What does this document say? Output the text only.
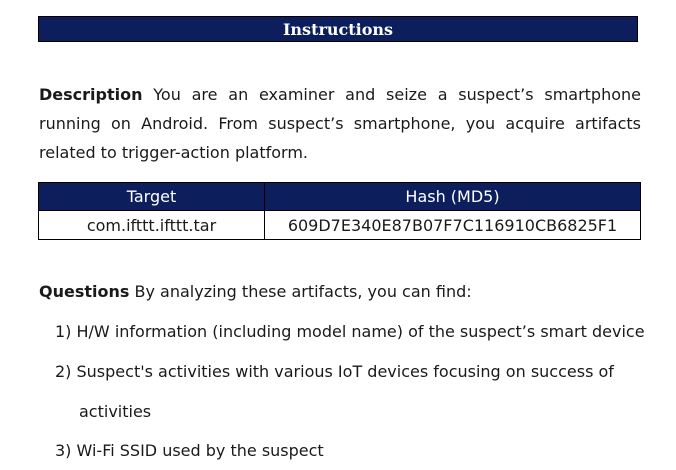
Instructions

Description You are an examiner and seize a suspect’s smartphone running on Android. From suspect’s smartphone, you acquire artifacts related to trigger-action platform.

Target	Hash (MD5)
com.ifttt.ifttt.tar	609D7E340E87B07F7C116910CB6825F1

Questions By analyzing these artifacts, you can find:

1) H/W information (including model name) of the suspect’s smart device
2) Suspect's activities with various IoT devices focusing on success of
activities
3) Wi-Fi SSID used by the suspect
